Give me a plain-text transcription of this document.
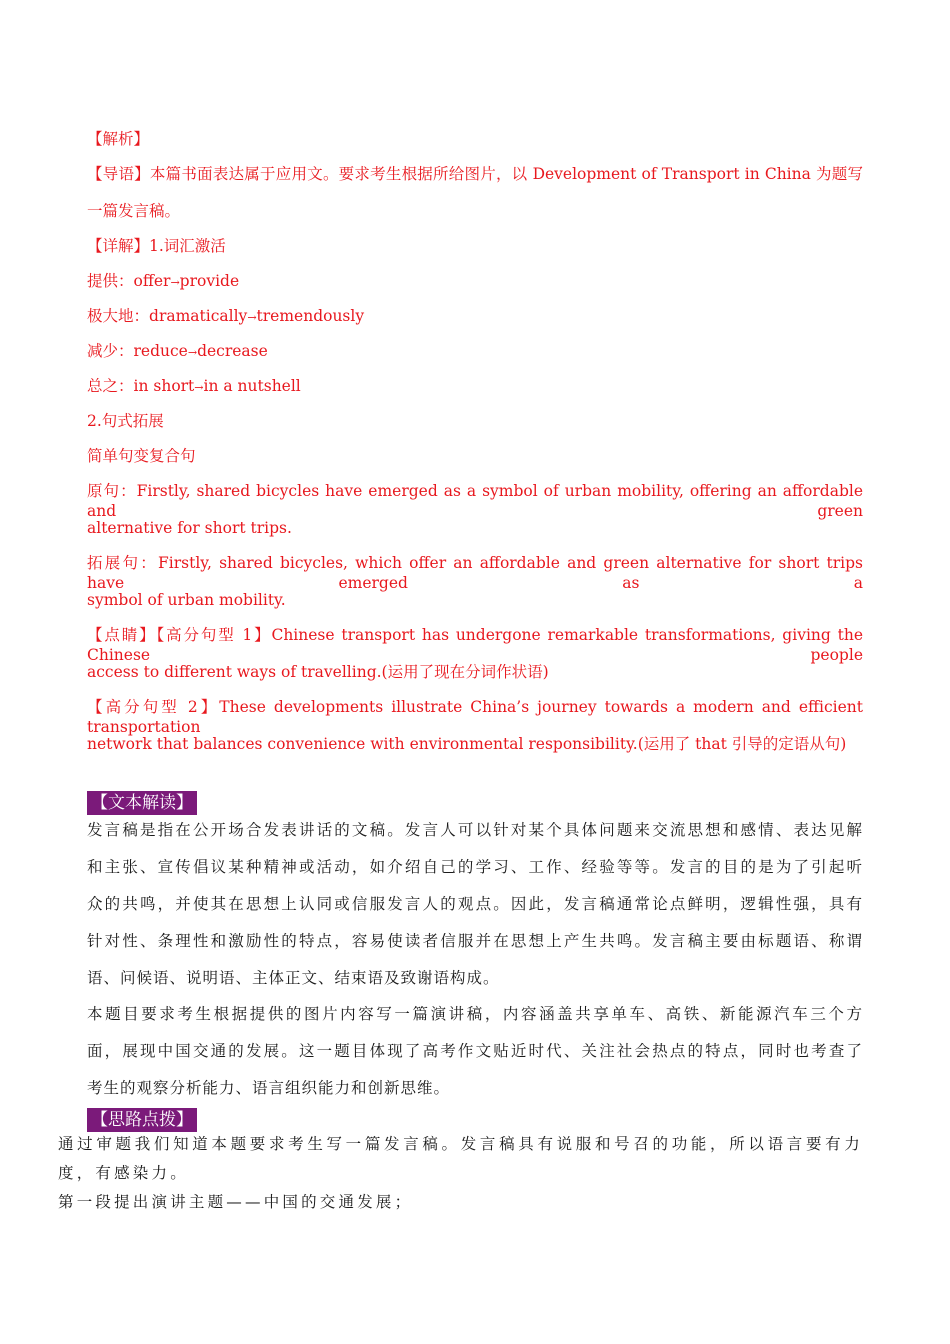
【解析】
【导语】本篇书面表达属于应用文。要求考生根据所给图片，以 Development of Transport in China 为题写
一篇发言稿。
【详解】1.词汇激活
提供：offer→provide
极大地：dramatically→tremendously
减少：reduce→decrease
总之：in short→in a nutshell
2.句式拓展
简单句变复合句
原句：Firstly, shared bicycles have emerged as a symbol of urban mobility, offering an affordable and green
alternative for short trips.
拓展句：Firstly, shared bicycles, which offer an affordable and green alternative for short trips have emerged as a
symbol of urban mobility.
【点睛】【高分句型 1】Chinese transport has undergone remarkable transformations, giving the Chinese people
access to different ways of travelling.(运用了现在分词作状语)
【高分句型 2】These developments illustrate China’s journey towards a modern and efficient transportation
network that balances convenience with environmental responsibility.(运用了 that 引导的定语从句)
【文本解读】
发言稿是指在公开场合发表讲话的文稿。发言人可以针对某个具体问题来交流思想和感情、表达见解
和主张、宣传倡议某种精神或活动，如介绍自己的学习、工作、经验等等。发言的目的是为了引起听
众的共鸣，并使其在思想上认同或信服发言人的观点。因此，发言稿通常论点鲜明，逻辑性强，具有
针对性、条理性和激励性的特点，容易使读者信服并在思想上产生共鸣。发言稿主要由标题语、称谓
语、问候语、说明语、主体正文、结束语及致谢语构成。
本题目要求考生根据提供的图片内容写一篇演讲稿，内容涵盖共享单车、高铁、新能源汽车三个方
面，展现中国交通的发展。这一题目体现了高考作文贴近时代、关注社会热点的特点，同时也考查了
考生的观察分析能力、语言组织能力和创新思维。
【思路点拨】
通过审题我们知道本题要求考生写一篇发言稿。发言稿具有说服和号召的功能，所以语言要有力
度，有感染力。
第一段提出演讲主题——中国的交通发展；
